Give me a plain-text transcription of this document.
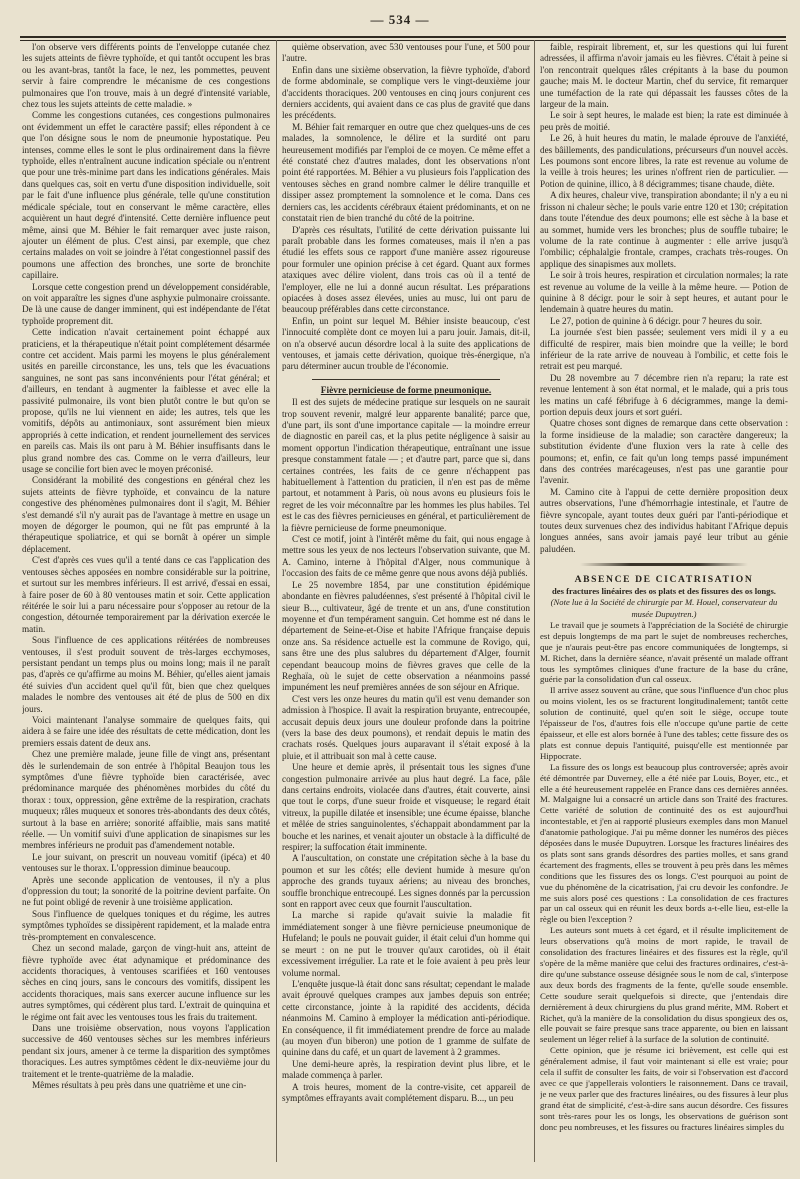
— 534 —

l'on observe vers différents points de l'enveloppe cutanée chez les sujets atteints de fièvre typhoïde, et qui tantôt occupent les bras ou les avant-bras, tantôt la face, le nez, les pommettes, peuvent servir à faire comprendre le mécanisme de ces congestions pulmonaires que l'on trouve, mais à un degré d'intensité variable, chez tous les sujets atteints de cette maladie. »

Comme les congestions cutanées, ces congestions pulmonaires ont évidemment un effet le caractère passif; elles répondent à ce que l'on désigne sous le nom de pneumonie hypostatique. Peu intenses, comme elles le sont le plus ordinairement dans la fièvre typhoïde, elles n'entraînent aucune indication spéciale ou n'entrent que pour une très-minime part dans les indications générales. Mais dans quelques cas, soit en vertu d'une disposition individuelle, soit par le fait d'une influence plus générale, telle qu'une constitution médicale spéciale, tout en conservant le même caractère, elles acquièrent un haut degré d'intensité. Cette dernière influence peut même, ainsi que M. Béhier le fait remarquer avec juste raison, ajouter un élément de plus. C'est ainsi, par exemple, que chez certains malades on voit se joindre à l'état congestionnel passif des poumons une affection des bronches, une sorte de bronchite capillaire.

Lorsque cette congestion prend un développement considérable, on voit apparaître les signes d'une asphyxie pulmonaire croissante. De là une cause de danger imminent, qui est indépendante de l'état typhoïde proprement dit.

Cette indication n'avait certainement point échappé aux praticiens, et la thérapeutique n'était point complétement désarmée contre cet accident. Mais parmi les moyens le plus généralement usités en pareille circonstance, les uns, tels que les évacuations sanguines, ne sont pas sans inconvénients pour l'état général; et d'ailleurs, en tendant à augmenter la faiblesse et avec elle la passivité pulmonaire, ils vont bien plutôt contre le but qu'on se propose, qu'ils ne lui viennent en aide; les autres, tels que les vomitifs, dépôts au antimoniaux, sont assurément bien mieux appropriés à cette indication, et rendent journellement des services en pareils cas. Mais ils ont paru à M. Béhier insuffisants dans le plus grand nombre des cas. Comme on le verra d'ailleurs, leur usage se concilie fort bien avec le moyen préconisé.

Considérant la mobilité des congestions en général chez les sujets atteints de fièvre typhoïde, et convaincu de la nature congestive des phénomènes pulmonaires dont il s'agit, M. Béhier s'est demandé s'il n'y aurait pas de l'avantage à mettre en usage un moyen de dégorger le poumon, qui ne fût pas emprunté à la thérapeutique spoliatrice, et qui se bornât à opérer un simple déplacement.

C'est d'après ces vues qu'il a tenté dans ce cas l'application des ventouses sèches apposées en nombre considérable sur la poitrine, et surtout sur les membres inférieurs. Il est arrivé, d'essai en essai, à faire poser de 60 à 80 ventouses matin et soir. Cette application réitérée le soir lui a paru nécessaire pour s'opposer au retour de la congestion, détournée temporairement par la dérivation exercée le matin.

Sous l'influence de ces applications réitérées de nombreuses ventouses, il s'est produit souvent de très-larges ecchymoses, persistant pendant un temps plus ou moins long; mais il ne paraît pas, d'après ce qu'affirme au moins M. Béhier, qu'elles aient jamais été suivies d'un accident quel qu'il fût, bien que chez quelques malades le nombre des ventouses ait été de plus de 500 en dix jours.

Voici maintenant l'analyse sommaire de quelques faits, qui aidera à se faire une idée des résultats de cette médication, dont les premiers essais datent de deux ans.

Chez une première malade, jeune fille de vingt ans, présentant dès le surlendemain de son entrée à l'hôpital Beaujon tous les symptômes d'une fièvre typhoïde bien caractérisée, avec prédominance marquée des phénomènes morbides du côté du thorax : toux, oppression, gêne extrême de la respiration, crachats muqueux; râles muqueux et sonores très-abondants des deux côtés, surtout à la base en arrière; sonorité affaiblie, mais sans matité réelle. — Un vomitif suivi d'une application de sinapismes sur les membres inférieurs ne produit pas d'amendement notable.

Le jour suivant, on prescrit un nouveau vomitif (ipéca) et 40 ventouses sur le thorax. L'oppression diminue beaucoup.

Après une seconde application de ventouses, il n'y a plus d'oppression du tout; la sonorité de la poitrine devient parfaite. On ne fut point obligé de revenir à une troisième application.

Sous l'influence de quelques toniques et du régime, les autres symptômes typhoïdes se dissipèrent rapidement, et la malade entra très-promptement en convalescence.

Chez un second malade, garçon de vingt-huit ans, atteint de fièvre typhoïde avec état adynamique et prédominance des accidents thoraciques, à ventouses scarifiées et 160 ventouses sèches en cinq jours, sans le concours des vomitifs, dissipent les accidents thoraciques, mais sans exercer aucune influence sur les autres symptômes, qui cédèrent plus tard. L'extrait de quinquina et le régime ont fait avec les ventouses tous les frais du traitement.

Dans une troisième observation, nous voyons l'application successive de 460 ventouses sèches sur les membres inférieurs pendant six jours, amener à ce terme la disparition des symptômes thoraciques. Les autres symptômes cèdent le dix-neuvième jour du traitement et le trente-quatrième de la maladie.

Mêmes résultats à peu près dans une quatrième et une cin-

quième observation, avec 530 ventouses pour l'une, et 500 pour l'autre.

Enfin dans une sixième observation, la fièvre typhoïde, d'abord de forme abdominale, se complique vers le vingt-deuxième jour d'accidents thoraciques. 200 ventouses en cinq jours conjurent ces derniers accidents, qui avaient dans ce cas plus de gravité que dans les précédents.

M. Béhier fait remarquer en outre que chez quelques-uns de ces malades, la somnolence, le délire et la surdité ont paru heureusement modifiés par l'emploi de ce moyen. Ce même effet a été constaté chez d'autres malades, dont les observations n'ont point été rapportées. M. Béhier a vu plusieurs fois l'application des ventouses sèches en grand nombre calmer le délire tranquille et dissiper assez promptement la somnolence et le coma. Dans ces derniers cas, les accidents cérébraux étaient prédominants, et on ne constatait rien de bien tranché du côté de la poitrine.

D'après ces résultats, l'utilité de cette dérivation puissante lui paraît probable dans les formes comateuses, mais il n'en a pas étudié les effets sous ce rapport d'une manière assez rigoureuse pour formuler une opinion précise à cet égard. Quant aux formes ataxiques avec délire violent, dans trois cas où il a tenté de l'employer, elle ne lui a donné aucun résultat. Les préparations opiacées à doses assez élevées, unies au musc, lui ont paru de beaucoup préférables dans cette circonstance.

Enfin, un point sur lequel M. Béhier insiste beaucoup, c'est l'innocuité complète dont ce moyen lui a paru jouir. Jamais, dit-il, on n'a observé aucun désordre local à la suite des applications de ventouses, et jamais cette dérivation, quoique très-énergique, n'a paru déterminer aucun trouble de l'économie.

Fièvre pernicieuse de forme pneumonique.

Il est des sujets de médecine pratique sur lesquels on ne saurait trop souvent revenir, malgré leur apparente banalité; parce que, d'une part, ils sont d'une importance capitale — la moindre erreur de diagnostic en pareil cas, et la plus petite négligence à saisir au moment opportun l'indication thérapeutique, entraînant une issue presque constamment fatale — ; et d'autre part, parce que si, dans certaines contrées, les faits de ce genre n'échappent pas habituellement à l'attention du praticien, il n'en est pas de même partout, et notamment à Paris, où nous avons eu plusieurs fois le regret de les voir méconnaître par les hommes les plus habiles. Tel est le cas des fièvres pernicieuses en général, et particulièrement de la fièvre pernicieuse de forme pneumonique.

C'est ce motif, joint à l'intérêt même du fait, qui nous engage à mettre sous les yeux de nos lecteurs l'observation suivante, que M. A. Camino, interne à l'hôpital d'Alger, nous communique à l'occasion des faits de ce même genre que nous avons déjà publiés.

Le 25 novembre 1854, par une constitution épidémique abondante en fièvres paludéennes, s'est présenté à l'hôpital civil le sieur B..., cultivateur, âgé de trente et un ans, d'une constitution moyenne et d'un tempérament sanguin. Cet homme est né dans le département de Seine-et-Oise et habite l'Afrique française depuis onze ans. Sa résidence actuelle est la commune de Rovigo, qui, sans être une des plus salubres du département d'Alger, fournit cependant beaucoup moins de fièvres graves que celle de la Reghaïa, où le sujet de cette observation a néanmoins passé impunément les neuf premières années de son séjour en Afrique.

C'est vers les onze heures du matin qu'il est venu demander son admission à l'hospice. Il avait la respiration bruyante, entrecoupée, accusait depuis deux jours une douleur profonde dans la poitrine (vers la base des deux poumons), et rendait depuis le matin des crachats rosés. Quelques jours auparavant il s'était exposé à la pluie, et il attribuait son mal à cette cause.

Une heure et demie après, il présentait tous les signes d'une congestion pulmonaire arrivée au plus haut degré. La face, pâle dans certains endroits, violacée dans d'autres, était couverte, ainsi que tout le corps, d'une sueur froide et visqueuse; le regard était vitreux, la pupille dilatée et insensible; une écume épaisse, blanche et mêlée de stries sanguinolentes, s'échappait abondamment par la bouche et les narines, et venait ajouter un obstacle à la difficulté de respirer; la suffocation était imminente.

A l'auscultation, on constate une crépitation sèche à la base du poumon et sur les côtés; elle devient humide à mesure qu'on approche des grands tuyaux aériens; au niveau des bronches, souffle bronchique entrecoupé. Les signes donnés par la percussion sont en rapport avec ceux que fournit l'auscultation.

La marche si rapide qu'avait suivie la maladie fit immédiatement songer à une fièvre pernicieuse pneumonique de Hufeland; le pouls ne pouvait guider, il était celui d'un homme qui se meurt : on ne put le trouver qu'aux carotides, où il était excessivement irrégulier. La rate et le foie avaient à peu près leur volume normal.

L'enquête jusque-là était donc sans résultat; cependant le malade avait éprouvé quelques crampes aux jambes depuis son entrée; cette circonstance, jointe à la rapidité des accidents, décida néanmoins M. Camino à employer la médication anti-périodique. En conséquence, il fit immédiatement prendre de force au malade (au moyen d'un biberon) une potion de 1 gramme de sulfate de quinine dans du café, et un quart de lavement à 2 grammes.

Une demi-heure après, la respiration devint plus libre, et le malade commença à parler.

A trois heures, moment de la contre-visite, cet appareil de symptômes effrayants avait complétement disparu. B..., un peu

faible, respirait librement, et, sur les questions qui lui furent adressées, il affirma n'avoir jamais eu les fièvres. C'était à peine si l'on rencontrait quelques râles crépitants à la base du poumon gauche; mais M. le docteur Martin, chef du service, fit remarquer une tuméfaction de la rate qui dépassait les fausses côtes de la largeur de la main.

Le soir à sept heures, le malade est bien; la rate est diminuée à peu près de moitié.

Le 26, à huit heures du matin, le malade éprouve de l'anxiété, des bâillements, des pandiculations, précurseurs d'un nouvel accès. Les poumons sont encore libres, la rate est revenue au volume de la veille à trois heures; les urines n'offrent rien de particulier. — Potion de quinine, illico, à 8 décigrammes; tisane chaude, diète.

A dix heures, chaleur vive, transpiration abondante; il n'y a eu ni frisson ni chaleur sèche; le pouls varie entre 120 et 130; crépitation dans toute l'étendue des deux poumons; elle est sèche à la base et au sommet, humide vers les bronches; plus de souffle tubaire; le volume de la rate continue à augmenter : elle arrive jusqu'à l'ombilic; céphalalgie frontale, crampes, crachats très-rouges. On applique des sinapismes aux mollets.

Le soir à trois heures, respiration et circulation normales; la rate est revenue au volume de la veille à la même heure. — Potion de quinine à 8 décigr. pour le soir à sept heures, et autant pour le lendemain à quatre heures du matin.

Le 27, potion de quinine à 6 décigr. pour 7 heures du soir.

La journée s'est bien passée; seulement vers midi il y a eu difficulté de respirer, mais bien moindre que la veille; le bord inférieur de la rate arrive de nouveau à l'ombilic, et cette fois le retrait est peu marqué.

Du 28 novembre au 7 décembre rien n'a reparu; la rate est revenue lentement à son état normal, et le malade, qui a pris tous les matins un café fébrifuge à 6 décigrammes, mange la demi-portion depuis deux jours et sort guéri.

Quatre choses sont dignes de remarque dans cette observation : la forme insidieuse de la maladie; son caractère dangereux; la substitution évidente d'une fluxion vers la rate à celle des poumons; et, enfin, ce fait qu'un long temps passé impunément dans des contrées marécageuses, n'est pas une garantie pour l'avenir.

M. Camino cite à l'appui de cette dernière proposition deux autres observations, l'une d'hémorrhagie intestinale, et l'autre de fièvre syncopale, ayant toutes deux guéri par l'anti-périodique et toutes deux survenues chez des individus habitant l'Afrique depuis longues années, sans avoir jamais payé leur tribut au génie paludéen.

ABSENCE DE CICATRISATION

des fractures linéaires des os plats et des fissures des os longs.

(Note lue à la Société de chirurgie par M. Houel, conservateur du musée Dupuytren.)

Le travail que je soumets à l'appréciation de la Société de chirurgie est depuis longtemps de ma part le sujet de nombreuses recherches, que je n'aurais peut-être pas encore communiquées de longtemps, si M. Richet, dans la dernière séance, n'avait présenté un malade offrant tous les symptômes cliniques d'une fracture de la base du crâne, guérie par la consolidation d'un cal osseux.

Il arrive assez souvent au crâne, que sous l'influence d'un choc plus ou moins violent, les os se fracturent longitudinalement; tantôt cette solution de continuité, quel qu'en soit le siège, occupe toute l'épaisseur de l'os, d'autres fois elle n'occupe qu'une partie de cette épaisseur, et elle est alors bornée à l'une des tables; cette fissure des os plats est connue depuis l'antiquité, puisqu'elle est mentionnée par Hippocrate.

La fissure des os longs est beaucoup plus controversée; après avoir été démontrée par Duverney, elle a été niée par Louis, Boyer, etc., et elle a été heureusement rappelée en France dans ces dernières années. M. Malgaigne lui a consacré un article dans son Traité des fractures. Cette variété de solution de continuité des os est aujourd'hui incontestable, et j'en ai rapporté plusieurs exemples dans mon Manuel d'anatomie pathologique. J'ai pu même donner les numéros des pièces déposées dans le musée Dupuytren. Lorsque les fractures linéaires des os plats sont sans grands désordres des parties molles, et sans grand écartement des fragments, elles se trouvent à peu près dans les mêmes conditions que les fissures des os longs. C'est pourquoi au point de vue du phénomène de la cicatrisation, j'ai cru devoir les confondre. Je me suis alors posé ces questions : La consolidation de ces fractures par un cal osseux qui en réunit les deux bords a-t-elle lieu, est-elle la règle ou bien l'exception ?

Les auteurs sont muets à cet égard, et il résulte implicitement de leurs observations qu'à moins de mort rapide, le travail de consolidation des fractures linéaires et des fissures est la règle, qu'il s'opère de la même manière que celui des fractures ordinaires, c'est-à-dire qu'une substance osseuse désignée sous le nom de cal, s'interpose aux deux bords des fragments de la fente, qu'elle soude ensemble. Cette soudure serait quelquefois si directe, que j'entendais dire dernièrement à deux chirurgiens du plus grand mérite, MM. Robert et Richet, qu'à la manière de la consolidation du disus spongieux des os, elle pouvait se faire presque sans trace apparente, ou bien en laissant seulement un léger relief à la surface de la solution de continuité.

Cette opinion, que je résume ici brièvement, est celle qui est généralement admise, il faut voir maintenant si elle est vraie; pour cela il suffit de consulter les faits, de voir si l'observation est d'accord avec ce que j'appellerais volontiers le raisonnement. Dans ce travail, je ne veux parler que des fractures linéaires, ou des fissures à leur plus grand état de simplicité, c'est-à-dire sans aucun désordre. Ces fissures sont très-rares pour les os longs, les observations de guérison sont donc peu nombreuses, et les fissures ou fractures linéaires simples du
